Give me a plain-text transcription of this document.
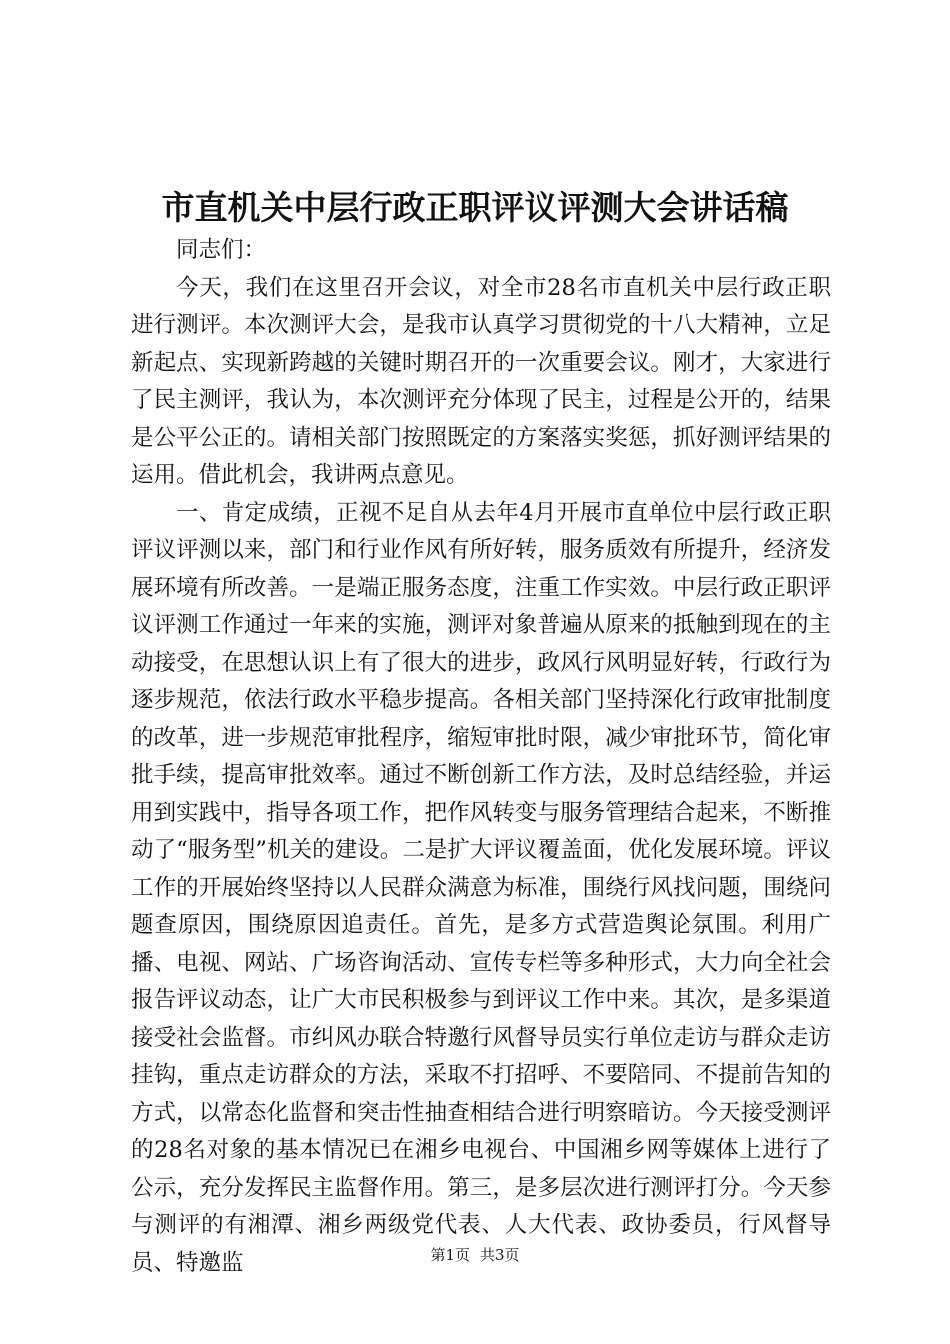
市直机关中层行政正职评议评测大会讲话稿

同志们：

今天，我们在这里召开会议，对全市28名市直机关中层行政正职进行测评。本次测评大会，是我市认真学习贯彻党的十八大精神，立足新起点、实现新跨越的关键时期召开的一次重要会议。刚才，大家进行了民主测评，我认为，本次测评充分体现了民主，过程是公开的，结果是公平公正的。请相关部门按照既定的方案落实奖惩，抓好测评结果的运用。借此机会，我讲两点意见。

一、肯定成绩，正视不足自从去年4月开展市直单位中层行政正职评议评测以来，部门和行业作风有所好转，服务质效有所提升，经济发展环境有所改善。一是端正服务态度，注重工作实效。中层行政正职评议评测工作通过一年来的实施，测评对象普遍从原来的抵触到现在的主动接受，在思想认识上有了很大的进步，政风行风明显好转，行政行为逐步规范，依法行政水平稳步提高。各相关部门坚持深化行政审批制度的改革，进一步规范审批程序，缩短审批时限，减少审批环节，简化审批手续，提高审批效率。通过不断创新工作方法，及时总结经验，并运用到实践中，指导各项工作，把作风转变与服务管理结合起来，不断推动了“服务型”机关的建设。二是扩大评议覆盖面，优化发展环境。评议工作的开展始终坚持以人民群众满意为标准，围绕行风找问题，围绕问题查原因，围绕原因追责任。首先，是多方式营造舆论氛围。利用广播、电视、网站、广场咨询活动、宣传专栏等多种形式，大力向全社会报告评议动态，让广大市民积极参与到评议工作中来。其次，是多渠道接受社会监督。市纠风办联合特邀行风督导员实行单位走访与群众走访挂钩，重点走访群众的方法，采取不打招呼、不要陪同、不提前告知的方式，以常态化监督和突击性抽查相结合进行明察暗访。今天接受测评的28名对象的基本情况已在湘乡电视台、中国湘乡网等媒体上进行了公示，充分发挥民主监督作用。第三，是多层次进行测评打分。今天参与测评的有湘潭、湘乡两级党代表、人大代表、政协委员，行风督导员、特邀监	第1页 共3页
